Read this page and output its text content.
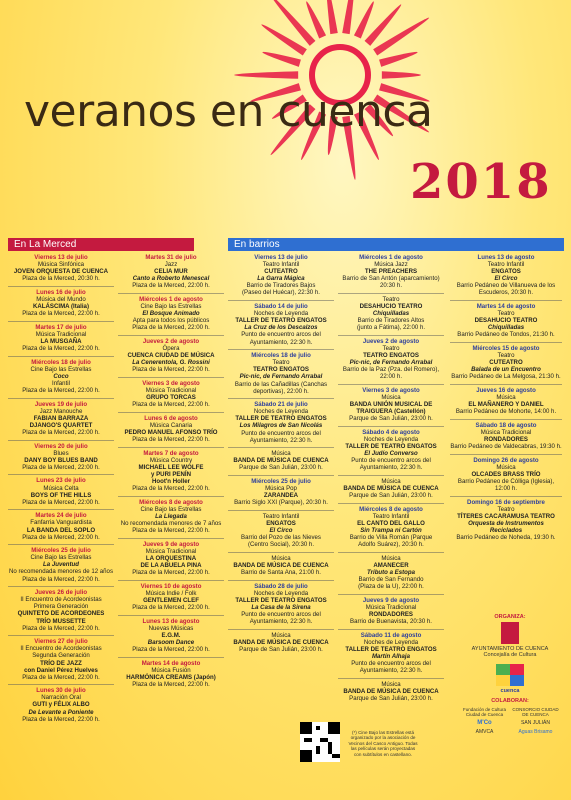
veranos en cuenca
2018
En La Merced	En barrios
Viernes 13 de julio
Música Sinfónica
JOVEN ORQUESTA DE CUENCA
Plaza de la Merced, 20:30 h.
Lunes 16 de julio
Música del Mundo
KALÁSCIMA (Italia)
Plaza de la Merced, 22:00 h.
Martes 17 de julio
Música Tradicional
LA MUSGAÑA
Plaza de la Merced, 22:00 h.
Miércoles 18 de julio
Cine Bajo las Estrellas
Coco
Infantil
Plaza de la Merced, 22:00 h.
Jueves 19 de julio
Jazz Manouche
FABIAN BARRAZA
DJANGO'S QUARTET
Plaza de la Merced, 22:00 h.
Viernes 20 de julio
Blues
DANY BOY BLUES BAND
Plaza de la Merced, 22:00 h.
Lunes 23 de julio
Música Celta
BOYS OF THE HILLS
Plaza de la Merced, 22:00 h.
Martes 24 de julio
Fanfarria Vanguardista
LA BANDA DEL SOPLO
Plaza de la Merced, 22:00 h.
Miércoles 25 de julio
Cine Bajo las Estrellas
La Juventud
No recomendada menores de 12 años
Plaza de la Merced, 22:00 h.
Jueves 26 de julio
II Encuentro de Acordeonistas
Primera Generación
QUINTETO DE ACORDEONES
TRÍO MUSSETTE
Plaza de la Merced, 22:00 h.
Viernes 27 de julio
II Encuentro de Acordeonistas
Segunda Generación
TRÍO DE JAZZ
con Daniel Pérez Huelves
Plaza de la Merced, 22:00 h.
Lunes 30 de julio
Narración Oral
GUTI y FÉLIX ALBO
De Levante a Poniente
Plaza de la Merced, 22:00 h.
Martes 31 de julio
Jazz
CELIA MUR
Canto a Roberto Menescal
Plaza de la Merced, 22:00 h.
Miércoles 1 de agosto
Cine Bajo las Estrellas
El Bosque Animado
Apta para todos los públicos
Plaza de la Merced, 22:00 h.
Jueves 2 de agosto
Ópera
CUENCA CIUDAD DE MÚSICA
La Cenerentola, G. Rossini
Plaza de la Merced, 22:00 h.
Viernes 3 de agosto
Música Tradicional
GRUPO TORCAS
Plaza de la Merced, 22:00 h.
Lunes 6 de agosto
Música Canaria
PEDRO MANUEL AFONSO TRÍO
Plaza de la Merced, 22:00 h.
Martes 7 de agosto
Música Country
MICHAEL LEE WOLFE
y PURI PENÍN
Hoot'n Holler
Plaza de la Merced, 22:00 h.
Miércoles 8 de agosto
Cine Bajo las Estrellas
La Llegada
No recomendada menores de 7 años
Plaza de la Merced, 22:00 h.
Jueves 9 de agosto
Música Tradicional
LA ORQUESTINA
DE LA ABUELA PINA
Plaza de la Merced, 22:00 h.
Viernes 10 de agosto
Música Indie / Folk
GENTLEMEN CLEF
Plaza de la Merced, 22:00 h.
Lunes 13 de agosto
Nuevas Músicas
E.G.M.
Barsoom Dance
Plaza de la Merced, 22:00 h.
Martes 14 de agosto
Música Fusión
HARMÓNICA CREAMS (Japón)
Plaza de la Merced, 22:00 h.
Viernes 13 de julio
Teatro Infantil
CUTEATRO
La Garra Mágica
Barrio de Tiradores Bajos
(Paseo del Huécar), 22:30 h.
Sábado 14 de julio
Noches de Leyenda
TALLER DE TEATRO ENGATOS
La Cruz de los Descalzos
Punto de encuentro arcos del
Ayuntamiento, 22:30 h.
Miércoles 18 de julio
Teatro
TEATRO ENGATOS
Pic-nic, de Fernando Arrabal
Barrio de las Cañadillas (Canchas
deportivas), 22:00 h.
Sábado 21 de julio
Noches de Leyenda
TALLER DE TEATRO ENGATOS
Los Milagros de San Nicolás
Punto de encuentro arcos del
Ayuntamiento, 22:30 h.
Música
BANDA DE MÚSICA DE CUENCA
Parque de San Julián, 23:00 h.
Miércoles 25 de julio
Música Pop
ZARANDEA
Barrio Siglo XXI (Parque), 20:30 h.
Teatro Infantil
ENGATOS
El Circo
Barrio del Pozo de las Nieves
(Centro Social), 20:30 h.
Música
BANDA DE MÚSICA DE CUENCA
Barrio de Santa Ana, 21:00 h.
Sábado 28 de julio
Noches de Leyenda
TALLER DE TEATRO ENGATOS
La Casa de la Sirena
Punto de encuentro arcos del
Ayuntamiento, 22:30 h.
Música
BANDA DE MÚSICA DE CUENCA
Parque de San Julián, 23:00 h.
Miércoles 1 de agosto
Música Jazz
THE PREACHERS
Barrio de San Antón (aparcamiento)
20:30 h.
Teatro
DESAHUCIO TEATRO
Chiquilladas
Barrio de Tiradores Altos
(junto a Fátima), 22:00 h.
Jueves 2 de agosto
Teatro
TEATRO ENGATOS
Pic-nic, de Fernando Arrabal
Barrio de la Paz (Pza. del Romero),
22:00 h.
Viernes 3 de agosto
Música
BANDA UNIÓN MUSICAL DE
TRAIGUERA (Castellón)
Parque de San Julián, 23:00 h.
Sábado 4 de agosto
Noches de Leyenda
TALLER DE TEATRO ENGATOS
El Judío Converso
Punto de encuentro arcos del
Ayuntamiento, 22:30 h.
Música
BANDA DE MÚSICA DE CUENCA
Parque de San Julián, 23:00 h.
Miércoles 8 de agosto
Teatro Infantil
EL CANTO DEL GALLO
Sin Trampa ni Cartón
Barrio de Villa Román (Parque
Adolfo Suárez), 20:30 h.
Música
AMANECER
Tributo a Estopa
Barrio de San Fernando
(Plaza de la U), 22:00 h.
Jueves 9 de agosto
Música Tradicional
RONDADORES
Barrio de Buenavista, 20:30 h.
Sábado 11 de agosto
Noches de Leyenda
TALLER DE TEATRO ENGATOS
Martín Alhaja
Punto de encuentro arcos del
Ayuntamiento, 22:30 h.
Música
BANDA DE MÚSICA DE CUENCA
Parque de San Julián, 23:00 h.
Lunes 13 de agosto
Teatro Infantil
ENGATOS
El Circo
Barrio Pedáneo de Villanueva de los
Escuderos, 20:30 h.
Martes 14 de agosto
Teatro
DESAHUCIO TEATRO
Chiquilladas
Barrio Pedáneo de Tondos, 21:30 h.
Miércoles 15 de agosto
Teatro
CUTEATRO
Balada de un Encuentro
Barrio Pedáneo de La Melgosa, 21:30 h.
Jueves 16 de agosto
Música
EL MAÑANERO Y DANIEL
Barrio Pedáneo de Mohorte, 14:00 h.
Sábado 18 de agosto
Música Tradicional
RONDADORES
Barrio Pedáneo de Valdecabras, 19:30 h.
Domingo 26 de agosto
Música
OLCADES BRASS TRÍO
Barrio Pedáneo de Cólliga (Iglesia), 12:00 h.
Domingo 16 de septiembre
Teatro
TÍTERES CACARAMUSA TEATRO
Orquesta de Instrumentos
Reciclados
Barrio Pedáneo de Noheda, 19:30 h.
(*) Cine Bajo las Estrellas está organizado por la asociación de Vecinos del Casco Antiguo. Todas las películas serán proyectadas con subtítulos en castellano.
ORGANIZA:
AYUNTAMIENTO DE CUENCA
Concejalía de Cultura
cuenca
COLABORAN:
Fundación de Cultura Ciudad de Cuenca
CONSORCIO CIUDAD DE CUENCA
M'Co	SAN JULIÁN
AMVCA	Aguas Brisamo
